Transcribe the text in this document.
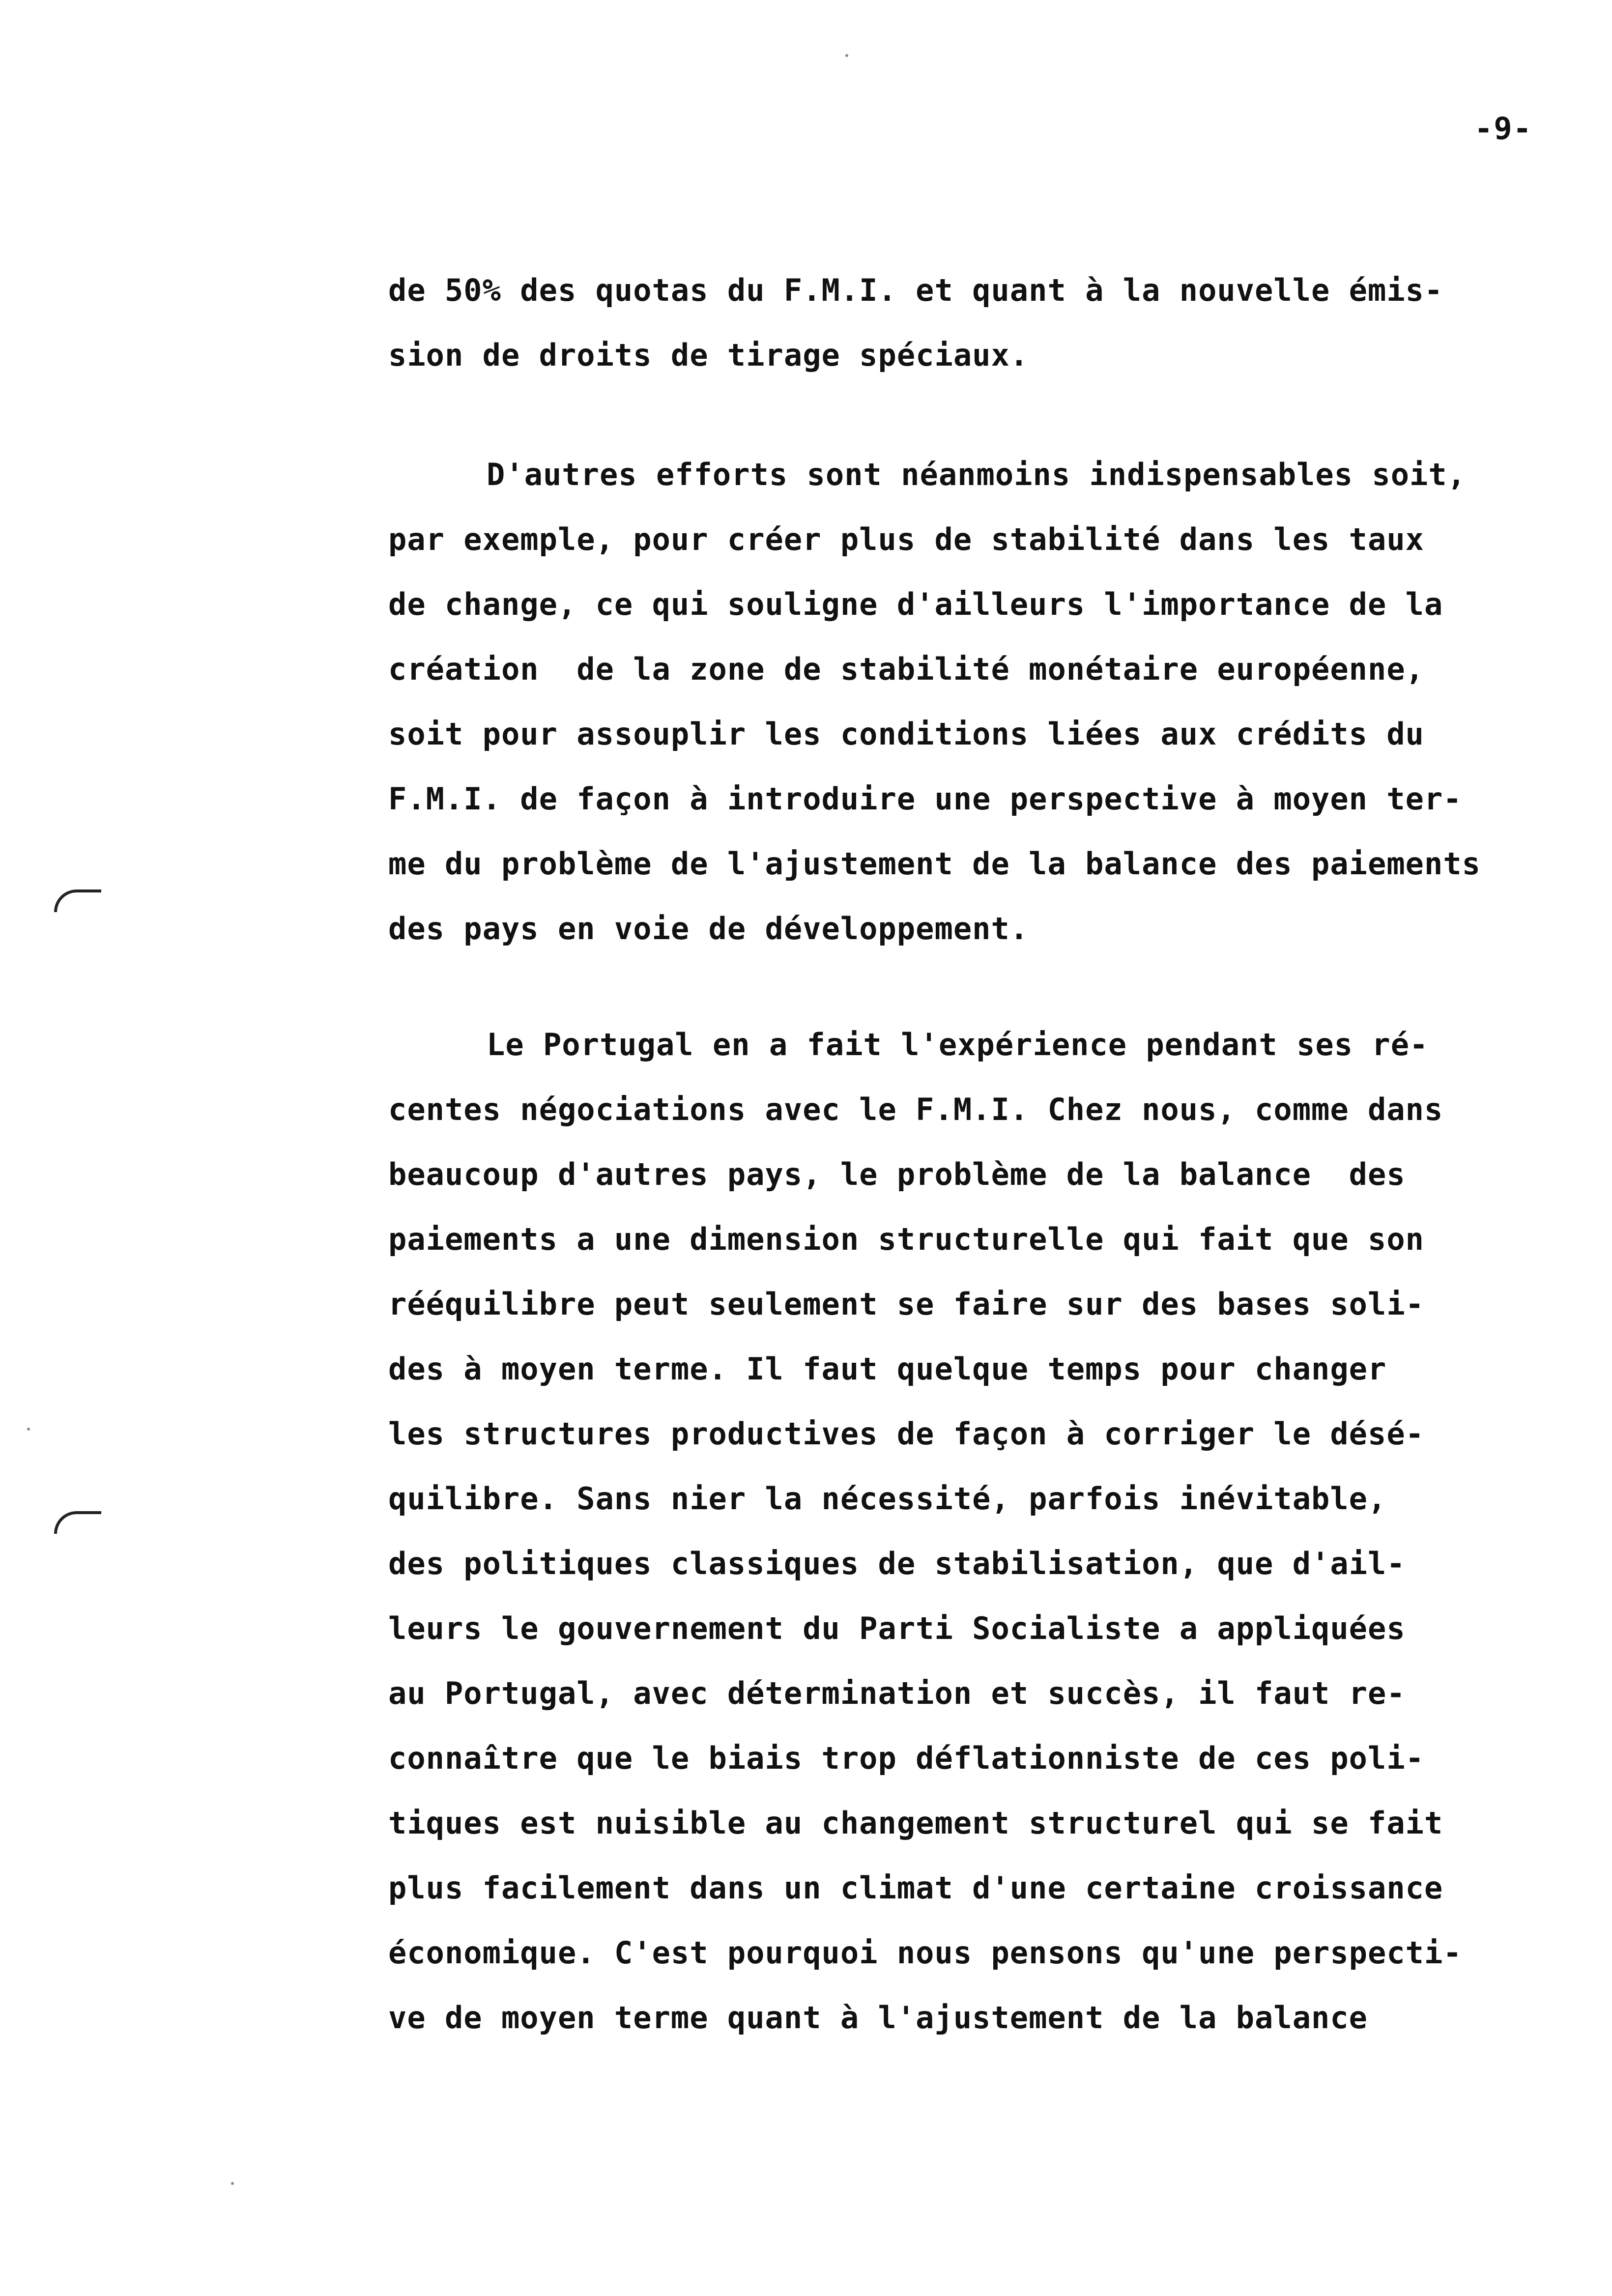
-9-
de 50% des quotas du F.M.I. et quant à la nouvelle émis-
sion de droits de tirage spéciaux.
D'autres efforts sont néanmoins indispensables soit,
par exemple, pour créer plus de stabilité dans les taux
de change, ce qui souligne d'ailleurs l'importance de la
création  de la zone de stabilité monétaire européenne,
soit pour assouplir les conditions liées aux crédits du
F.M.I. de façon à introduire une perspective à moyen ter-
me du problème de l'ajustement de la balance des paiements
des pays en voie de développement.
Le Portugal en a fait l'expérience pendant ses ré-
centes négociations avec le F.M.I. Chez nous, comme dans
beaucoup d'autres pays, le problème de la balance  des
paiements a une dimension structurelle qui fait que son
rééquilibre peut seulement se faire sur des bases soli-
des à moyen terme. Il faut quelque temps pour changer
les structures productives de façon à corriger le désé-
quilibre. Sans nier la nécessité, parfois inévitable,
des politiques classiques de stabilisation, que d'ail-
leurs le gouvernement du Parti Socialiste a appliquées
au Portugal, avec détermination et succès, il faut re-
connaître que le biais trop déflationniste de ces poli-
tiques est nuisible au changement structurel qui se fait
plus facilement dans un climat d'une certaine croissance
économique. C'est pourquoi nous pensons qu'une perspecti-
ve de moyen terme quant à l'ajustement de la balance
